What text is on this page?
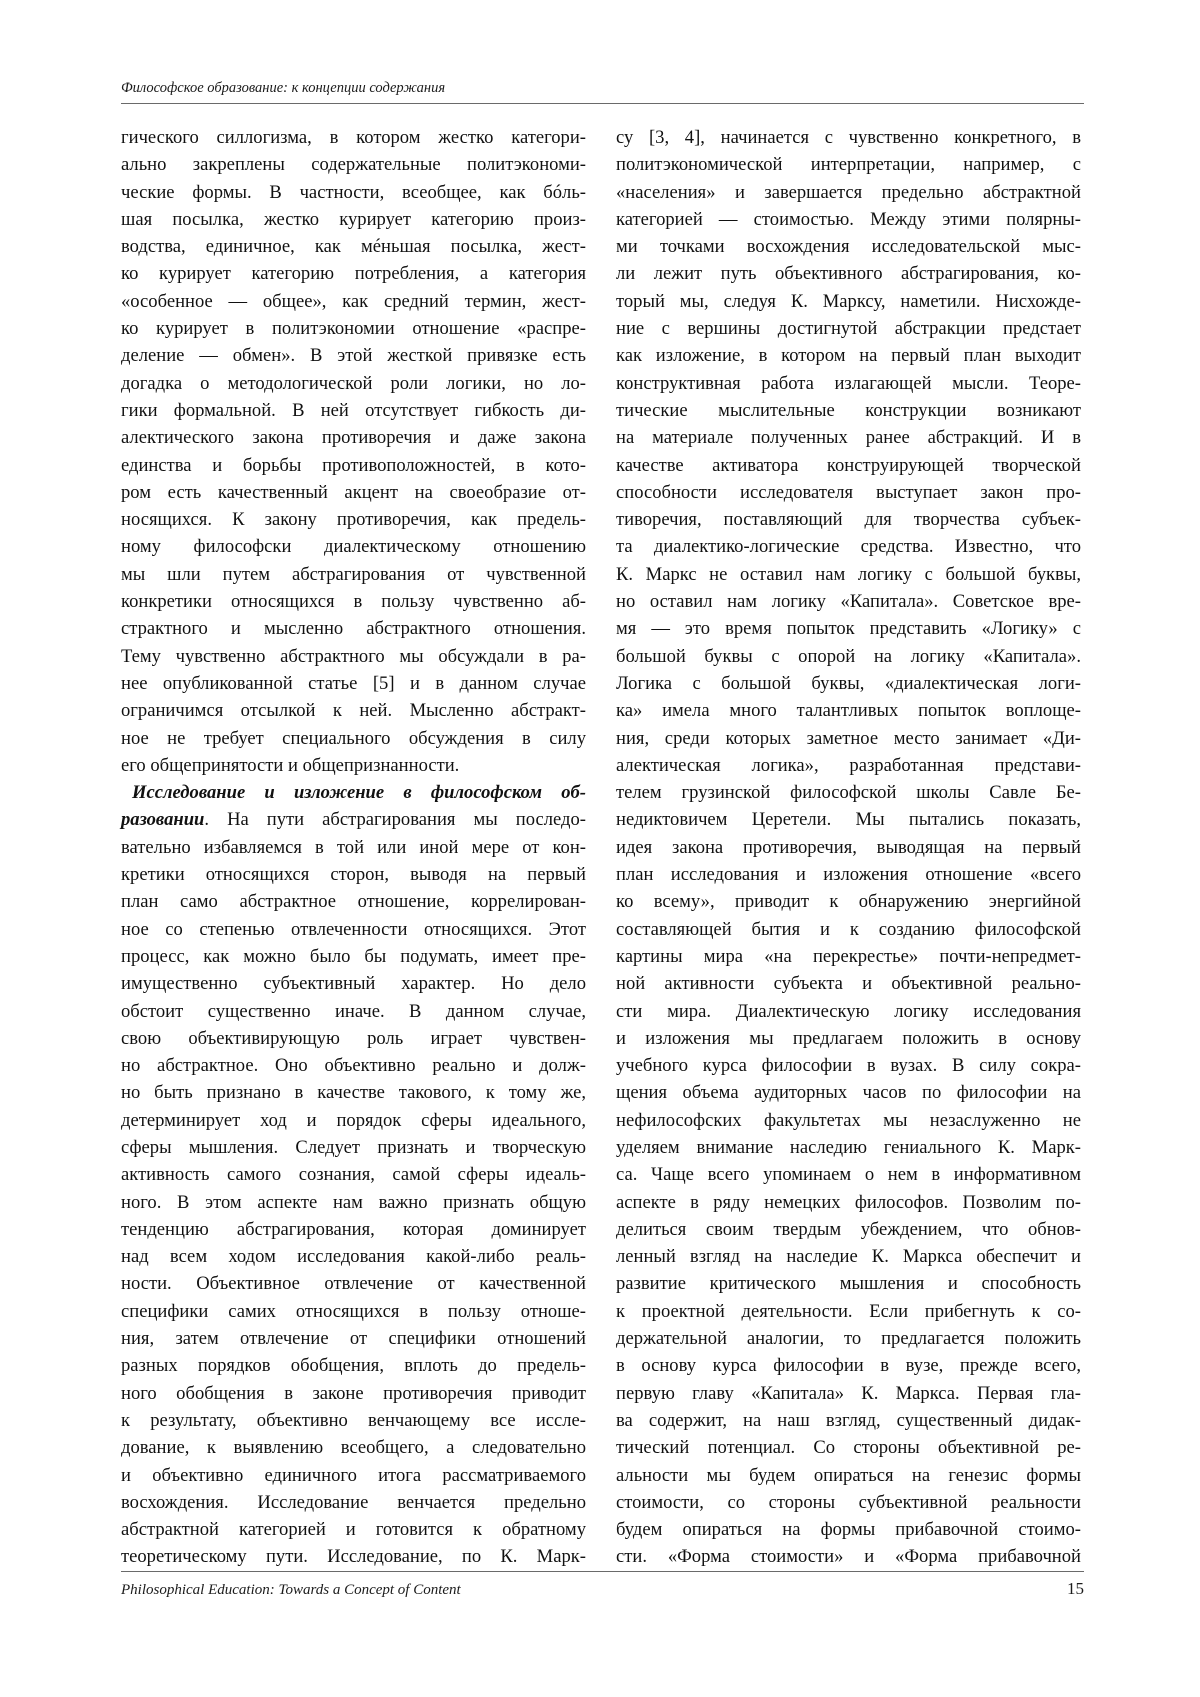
Философское образование: к концепции содержания
гического силлогизма, в котором жестко категори-
ально закреплены содержательные политэкономи-
ческие формы. В частности, всеобщее, как бóль-
шая посылка, жестко курирует категорию произ-
водства, единичное, как мéньшая посылка, жест-
ко курирует категорию потребления, а категория
«особенное — общее», как средний термин, жест-
ко курирует в политэкономии отношение «распре-
деление — обмен». В этой жесткой привязке есть
догадка о методологической роли логики, но ло-
гики формальной. В ней отсутствует гибкость ди-
алектического закона противоречия и даже закона
единства и борьбы противоположностей, в кото-
ром есть качественный акцент на своеобразие от-
носящихся. К закону противоречия, как предель-
ному философски диалектическому отношению
мы шли путем абстрагирования от чувственной
конкретики относящихся в пользу чувственно аб-
страктного и мысленно абстрактного отношения.
Тему чувственно абстрактного мы обсуждали в ра-
нее опубликованной статье [5] и в данном случае
ограничимся отсылкой к ней. Мысленно абстракт-
ное не требует специального обсуждения в силу
его общепринятости и общепризнанности.
Исследование и изложение в философском об-
разовании. На пути абстрагирования мы последо-
вательно избавляемся в той или иной мере от кон-
кретики относящихся сторон, выводя на первый
план само абстрактное отношение, коррелирован-
ное со степенью отвлеченности относящихся. Этот
процесс, как можно было бы подумать, имеет пре-
имущественно субъективный характер. Но дело
обстоит существенно иначе. В данном случае,
свою объективирующую роль играет чувствен-
но абстрактное. Оно объективно реально и долж-
но быть признано в качестве такового, к тому же,
детерминирует ход и порядок сферы идеального,
сферы мышления. Следует признать и творческую
активность самого сознания, самой сферы идеаль-
ного. В этом аспекте нам важно признать общую
тенденцию абстрагирования, которая доминирует
над всем ходом исследования какой-либо реаль-
ности. Объективное отвлечение от качественной
специфики самих относящихся в пользу отноше-
ния, затем отвлечение от специфики отношений
разных порядков обобщения, вплоть до предель-
ного обобщения в законе противоречия приводит
к результату, объективно венчающему все иссле-
дование, к выявлению всеобщего, а следовательно
и объективно единичного итога рассматриваемого
восхождения. Исследование венчается предельно
абстрактной категорией и готовится к обратному
теоретическому пути. Исследование, по К. Марк-
су [3, 4], начинается с чувственно конкретного, в
политэкономической интерпретации, например, с
«населения» и завершается предельно абстрактной
категорией — стоимостью. Между этими полярны-
ми точками восхождения исследовательской мыс-
ли лежит путь объективного абстрагирования, ко-
торый мы, следуя К. Марксу, наметили. Нисхожде-
ние с вершины достигнутой абстракции предстает
как изложение, в котором на первый план выходит
конструктивная работа излагающей мысли. Теоре-
тические мыслительные конструкции возникают
на материале полученных ранее абстракций. И в
качестве активатора конструирующей творческой
способности исследователя выступает закон про-
тиворечия, поставляющий для творчества субъек-
та диалектико-логические средства. Известно, что
К. Маркс не оставил нам логику с большой буквы,
но оставил нам логику «Капитала». Советское вре-
мя — это время попыток представить «Логику» с
большой буквы с опорой на логику «Капитала».
Логика с большой буквы, «диалектическая логи-
ка» имела много талантливых попыток воплоще-
ния, среди которых заметное место занимает «Ди-
алектическая логика», разработанная представи-
телем грузинской философской школы Савле Бе-
недиктовичем Церетели. Мы пытались показать,
идея закона противоречия, выводящая на первый
план исследования и изложения отношение «всего
ко всему», приводит к обнаружению энергийной
составляющей бытия и к созданию философской
картины мира «на перекрестье» почти-непредмет-
ной активности субъекта и объективной реально-
сти мира. Диалектическую логику исследования
и изложения мы предлагаем положить в основу
учебного курса философии в вузах. В силу сокра-
щения объема аудиторных часов по философии на
нефилософских факультетах мы незаслуженно не
уделяем внимание наследию гениального К. Марк-
са. Чаще всего упоминаем о нем в информативном
аспекте в ряду немецких философов. Позволим по-
делиться своим твердым убеждением, что обнов-
ленный взгляд на наследие К. Маркса обеспечит и
развитие критического мышления и способность
к проектной деятельности. Если прибегнуть к со-
держательной аналогии, то предлагается положить
в основу курса философии в вузе, прежде всего,
первую главу «Капитала» К. Маркса. Первая гла-
ва содержит, на наш взгляд, существенный дидак-
тический потенциал. Со стороны объективной ре-
альности мы будем опираться на генезис формы
стоимости, со стороны субъективной реальности
будем опираться на формы прибавочной стоимо-
сти. «Форма стоимости» и «Форма прибавочной
Philosophical Education: Towards a Concept of Content	15
